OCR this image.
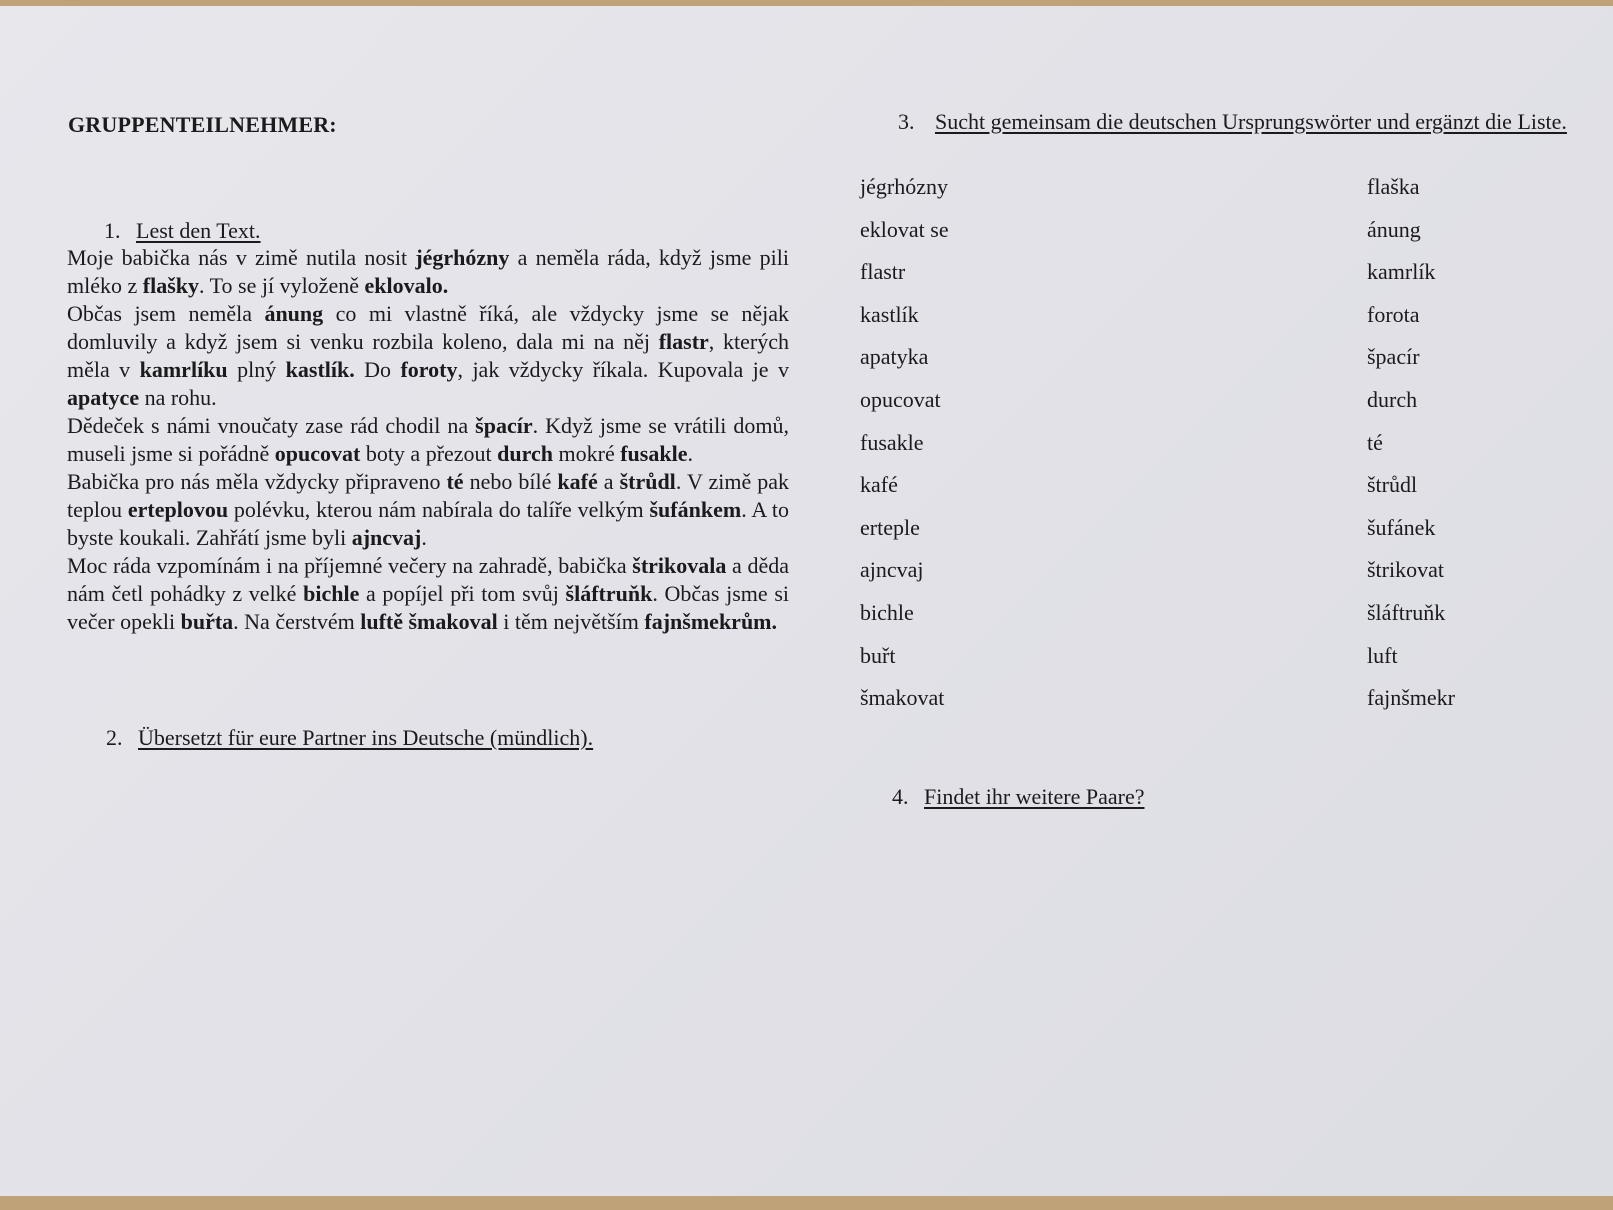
GRUPPENTEILNEHMER:
1. Lest den Text.

Moje babička nás v zimě nutila nosit jégrhózny a neměla ráda, když jsme pili mléko z flašky. To se jí vyloženě eklovalo.

Občas jsem neměla ánung co mi vlastně říká, ale vždycky jsme se nějak domluvily a když jsem si venku rozbila koleno, dala mi na něj flastr, kterých měla v kamrlíku plný kastlík. Do foroty, jak vždycky říkala. Kupovala je v apatyce na rohu.

Dědeček s námi vnoučaty zase rád chodil na špacír. Když jsme se vrátili domů, museli jsme si pořádně opucovat boty a přezout durch mokré fusakle.

Babička pro nás měla vždycky připraveno té nebo bílé kafé a štrůdl. V zimě pak teplou erteplovou polévku, kterou nám nabírala do talíře velkým šufánkem. A to byste koukali. Zahřátí jsme byli ajncvaj.

Moc ráda vzpomínám i na příjemné večery na zahradě, babička štrikovala a děda nám četl pohádky z velké bichle a popíjel při tom svůj šláftruňk. Občas jsme si večer opekli buřta. Na čerstvém luftě šmakoval i těm největším fajnšmekrům.

2. Übersetzt für eure Partner ins Deutsche (mündlich).
3. Sucht gemeinsam die deutschen Ursprungswörter und ergänzt die Liste.
jégrhózny
eklovat se
flastr
kastlík
apatyka
opucovat
fusakle
kafé
erteple
ajncvaj
bichle
buřt
šmakovat
flaška
ánung
kamrlík
forota
špacír
durch
té
štrůdl
šufánek
štrikovat
šláftruňk
luft
fajnšmekr
4. Findet ihr weitere Paare?
